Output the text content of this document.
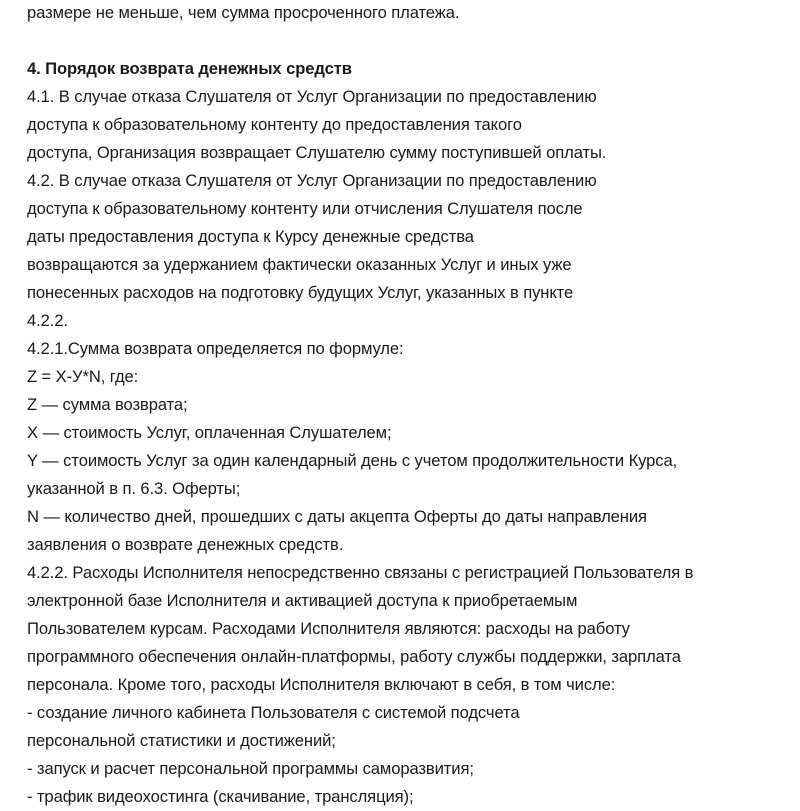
размере не меньше, чем сумма просроченного платежа.
4. Порядок возврата денежных средств
4.1. В случае отказа Слушателя от Услуг Организации по предоставлению
доступа к образовательному контенту до предоставления такого
доступа, Организация возвращает Слушателю сумму поступившей оплаты.
4.2. В случае отказа Слушателя от Услуг Организации по предоставлению
доступа к образовательному контенту или отчисления Слушателя после
даты предоставления доступа к Курсу денежные средства
возвращаются за удержанием фактически оказанных Услуг и иных уже
понесенных расходов на подготовку будущих Услуг, указанных в пункте
4.2.2.
4.2.1.Сумма возврата определяется по формуле:
Z = X-У*N, где:
Z — сумма возврата;
X — стоимость Услуг, оплаченная Слушателем;
Y — стоимость Услуг за один календарный день с учетом продолжительности Курса,
указанной в п. 6.3. Оферты;
N — количество дней, прошедших с даты акцепта Оферты до даты направления
заявления о возврате денежных средств.
4.2.2. Расходы Исполнителя непосредственно связаны с регистрацией Пользователя в
электронной базе Исполнителя и активацией доступа к приобретаемым
Пользователем курсам. Расходами Исполнителя являются: расходы на работу
программного обеспечения онлайн-платформы, работу службы поддержки, зарплата
персонала. Кроме того, расходы Исполнителя включают в себя, в том числе:
- создание личного кабинета Пользователя с системой подсчета
персональной статистики и достижений;
- запуск и расчет персональной программы саморазвития;
- трафик видеохостинга (скачивание, трансляция);
